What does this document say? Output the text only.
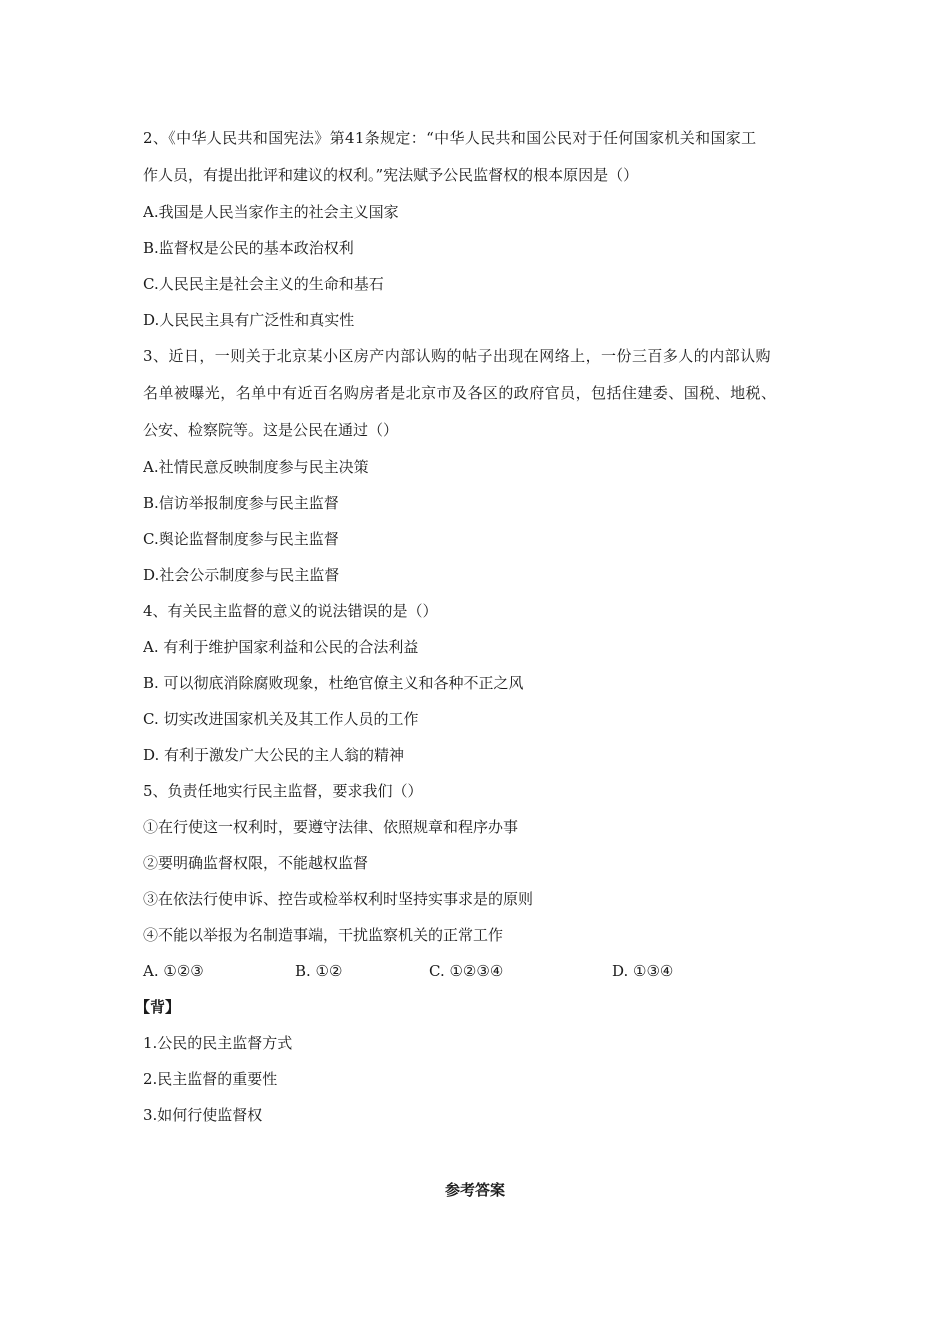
2、《中华人民共和国宪法》第41条规定：“中华人民共和国公民对于任何国家机关和国家工
作人员，有提出批评和建议的权利。”宪法赋予公民监督权的根本原因是（）
A.我国是人民当家作主的社会主义国家
B.监督权是公民的基本政治权利
C.人民民主是社会主义的生命和基石
D.人民民主具有广泛性和真实性
3、近日，一则关于北京某小区房产内部认购的帖子出现在网络上，一份三百多人的内部认购
名单被曝光，名单中有近百名购房者是北京市及各区的政府官员，包括住建委、国税、地税、
公安、检察院等。这是公民在通过（）
A.社情民意反映制度参与民主决策
B.信访举报制度参与民主监督
C.舆论监督制度参与民主监督
D.社会公示制度参与民主监督
4、有关民主监督的意义的说法错误的是（）
A. 有利于维护国家利益和公民的合法利益
B. 可以彻底消除腐败现象，杜绝官僚主义和各种不正之风
C. 切实改进国家机关及其工作人员的工作
D. 有利于激发广大公民的主人翁的精神
5、负责任地实行民主监督，要求我们（）
①在行使这一权利时，要遵守法律、依照规章和程序办事
②要明确监督权限，不能越权监督
③在依法行使申诉、控告或检举权利时坚持实事求是的原则
④不能以举报为名制造事端，干扰监察机关的正常工作
A. ①②③	B. ①②	C. ①②③④	D. ①③④
【背】
1.公民的民主监督方式
2.民主监督的重要性
3.如何行使监督权
参考答案
